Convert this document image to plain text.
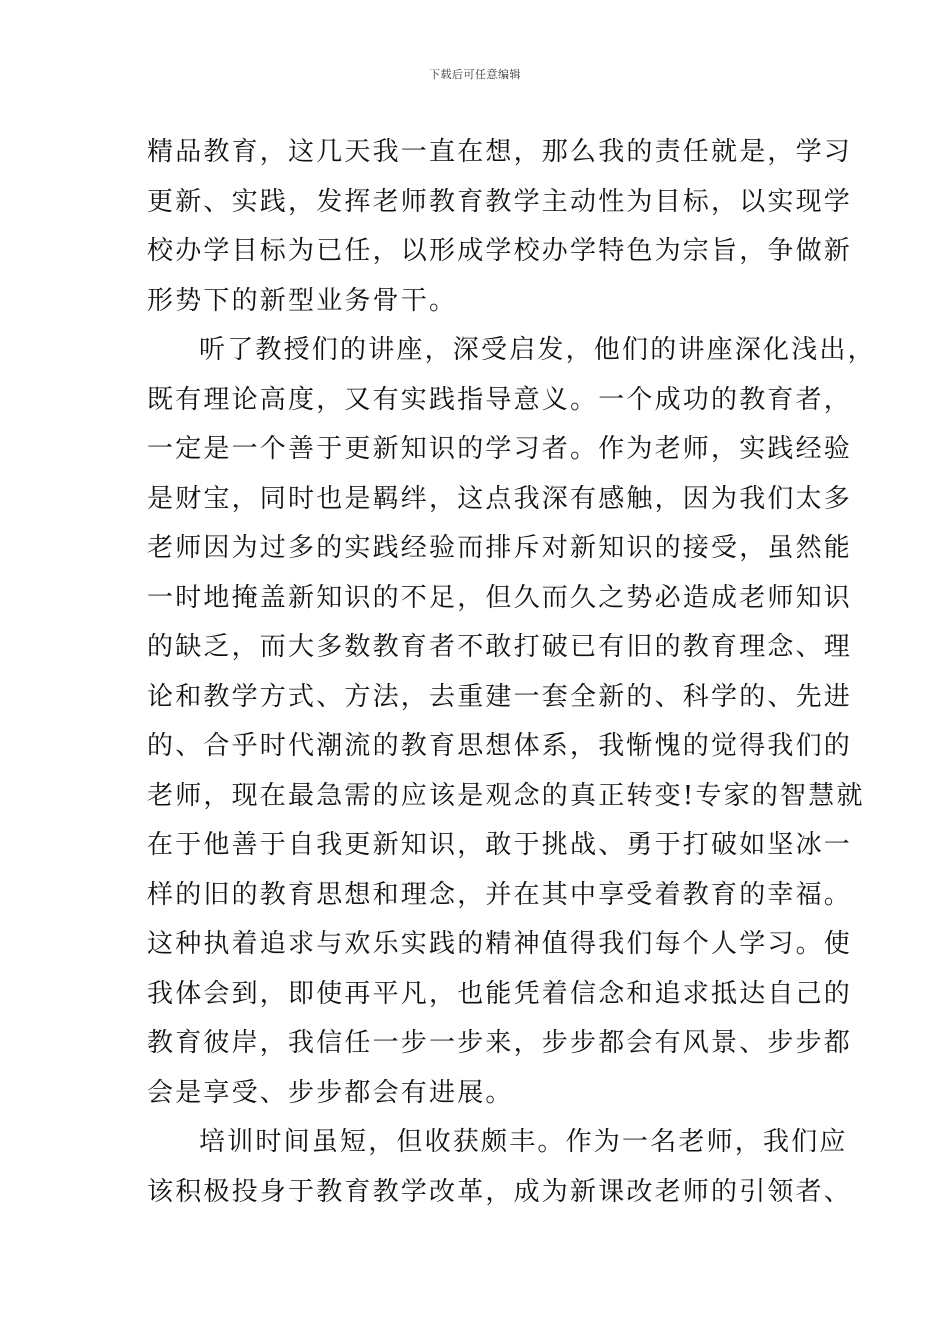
下载后可任意编辑
精品教育，这几天我一直在想，那么我的责任就是，学习
更新、实践，发挥老师教育教学主动性为目标，以实现学
校办学目标为已任，以形成学校办学特色为宗旨，争做新
形势下的新型业务骨干。
听了教授们的讲座，深受启发，他们的讲座深化浅出，
既有理论高度，又有实践指导意义。一个成功的教育者，
一定是一个善于更新知识的学习者。作为老师，实践经验
是财宝，同时也是羁绊，这点我深有感触，因为我们太多
老师因为过多的实践经验而排斥对新知识的接受，虽然能
一时地掩盖新知识的不足，但久而久之势必造成老师知识
的缺乏，而大多数教育者不敢打破已有旧的教育理念、理
论和教学方式、方法，去重建一套全新的、科学的、先进
的、合乎时代潮流的教育思想体系，我惭愧的觉得我们的
老师，现在最急需的应该是观念的真正转变!专家的智慧就
在于他善于自我更新知识，敢于挑战、勇于打破如坚冰一
样的旧的教育思想和理念，并在其中享受着教育的幸福。
这种执着追求与欢乐实践的精神值得我们每个人学习。使
我体会到，即使再平凡，也能凭着信念和追求抵达自己的
教育彼岸，我信任一步一步来，步步都会有风景、步步都
会是享受、步步都会有进展。
培训时间虽短，但收获颇丰。作为一名老师，我们应
该积极投身于教育教学改革，成为新课改老师的引领者、
